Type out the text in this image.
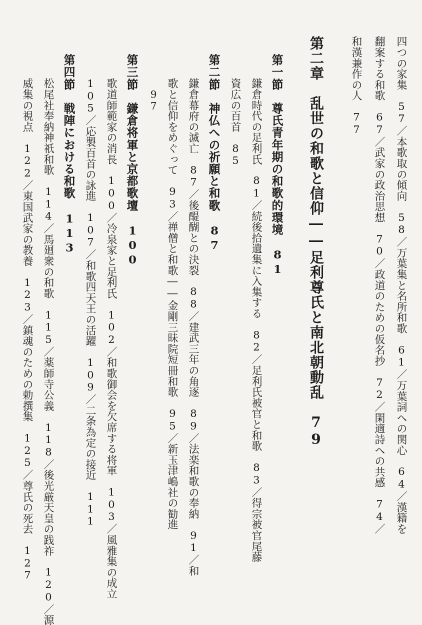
四つの家集　57／本歌取の傾向　58／万葉集と名所和歌　61／万葉詞への関心　64／漢籍を
翻案する和歌　67／武家の政治思想　70／政道のための仮名抄　72／閑適詩への共感　74／
和漢兼作の人　77
第二章　乱世の和歌と信仰――足利尊氏と南北朝動乱　79
第一節　尊氏青年期の和歌的環境　81
鎌倉時代の足利氏　81／続後拾遺集に入集する　82／足利氏被官と和歌　83／得宗被官尾藤
資広の百首　85
第二節　神仏への祈願と和歌　87
鎌倉幕府の滅亡　87／後醍醐との決裂　88／建武三年の角逐　89／法楽和歌の奉納　91／和
歌と信仰をめぐって　93／禅僧と和歌――金剛三昧院短冊和歌　95／新玉津嶋社の勧進
97
第三節　鎌倉将軍と京都歌壇　100
歌道師範家の消長　100／冷泉家と足利氏　102／和歌御会を欠席する将軍　103／風雅集の成立
105／応製百首の詠進　107／和歌四天王の活躍　109／二条為定の接近　111
第四節　戦陣における和歌　113
松尾社奉納神祇和歌　114／馬廻衆の和歌　115／薬師寺公義　118／後光厳天皇の践祚　120／源
威集の視点　122／東国武家の教養　123／鎮魂のための勅撰集　125／尊氏の死去　127
